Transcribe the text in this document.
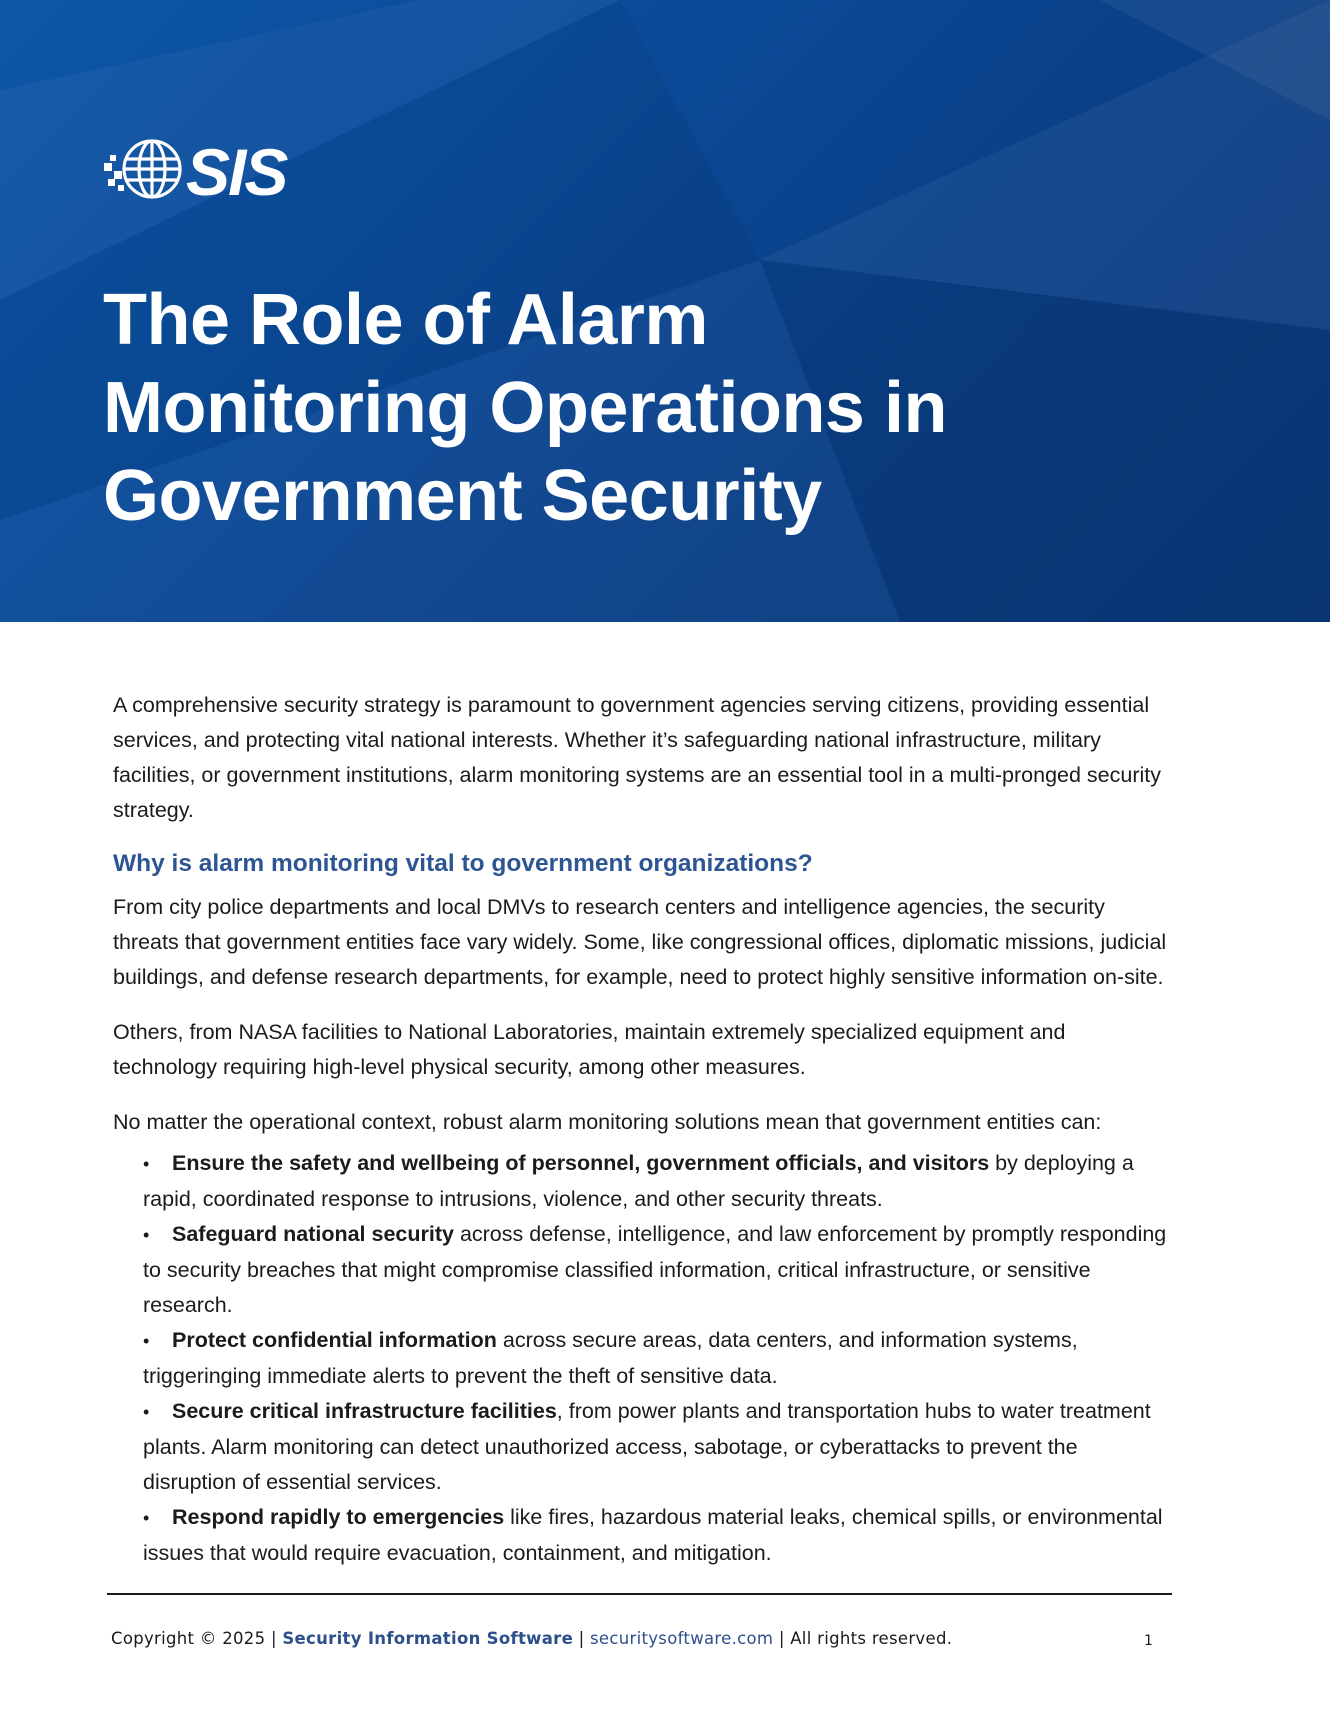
SIS
The Role of Alarm
Monitoring Operations in
Government Security

A comprehensive security strategy is paramount to government agencies serving citizens, providing essential services, and protecting vital national interests. Whether it’s safeguarding national infrastructure, military facilities, or government institutions, alarm monitoring systems are an essential tool in a multi-pronged security strategy.

Why is alarm monitoring vital to government organizations?

From city police departments and local DMVs to research centers and intelligence agencies, the security threats that government entities face vary widely. Some, like congressional offices, diplomatic missions, judicial buildings, and defense research departments, for example, need to protect highly sensitive information on-site.

Others, from NASA facilities to National Laboratories, maintain extremely specialized equipment and technology requiring high-level physical security, among other measures.

No matter the operational context, robust alarm monitoring solutions mean that government entities can:

• Ensure the safety and wellbeing of personnel, government officials, and visitors by deploying a rapid, coordinated response to intrusions, violence, and other security threats.
• Safeguard national security across defense, intelligence, and law enforcement by promptly responding to security breaches that might compromise classified information, critical infrastructure, or sensitive research.
• Protect confidential information across secure areas, data centers, and information systems, triggeringing immediate alerts to prevent the theft of sensitive data.
• Secure critical infrastructure facilities, from power plants and transportation hubs to water treatment plants. Alarm monitoring can detect unauthorized access, sabotage, or cyberattacks to prevent the disruption of essential services.
• Respond rapidly to emergencies like fires, hazardous material leaks, chemical spills, or environmental issues that would require evacuation, containment, and mitigation.
Copyright © 2025 | Security Information Software | securitysoftware.com | All rights reserved.	1
